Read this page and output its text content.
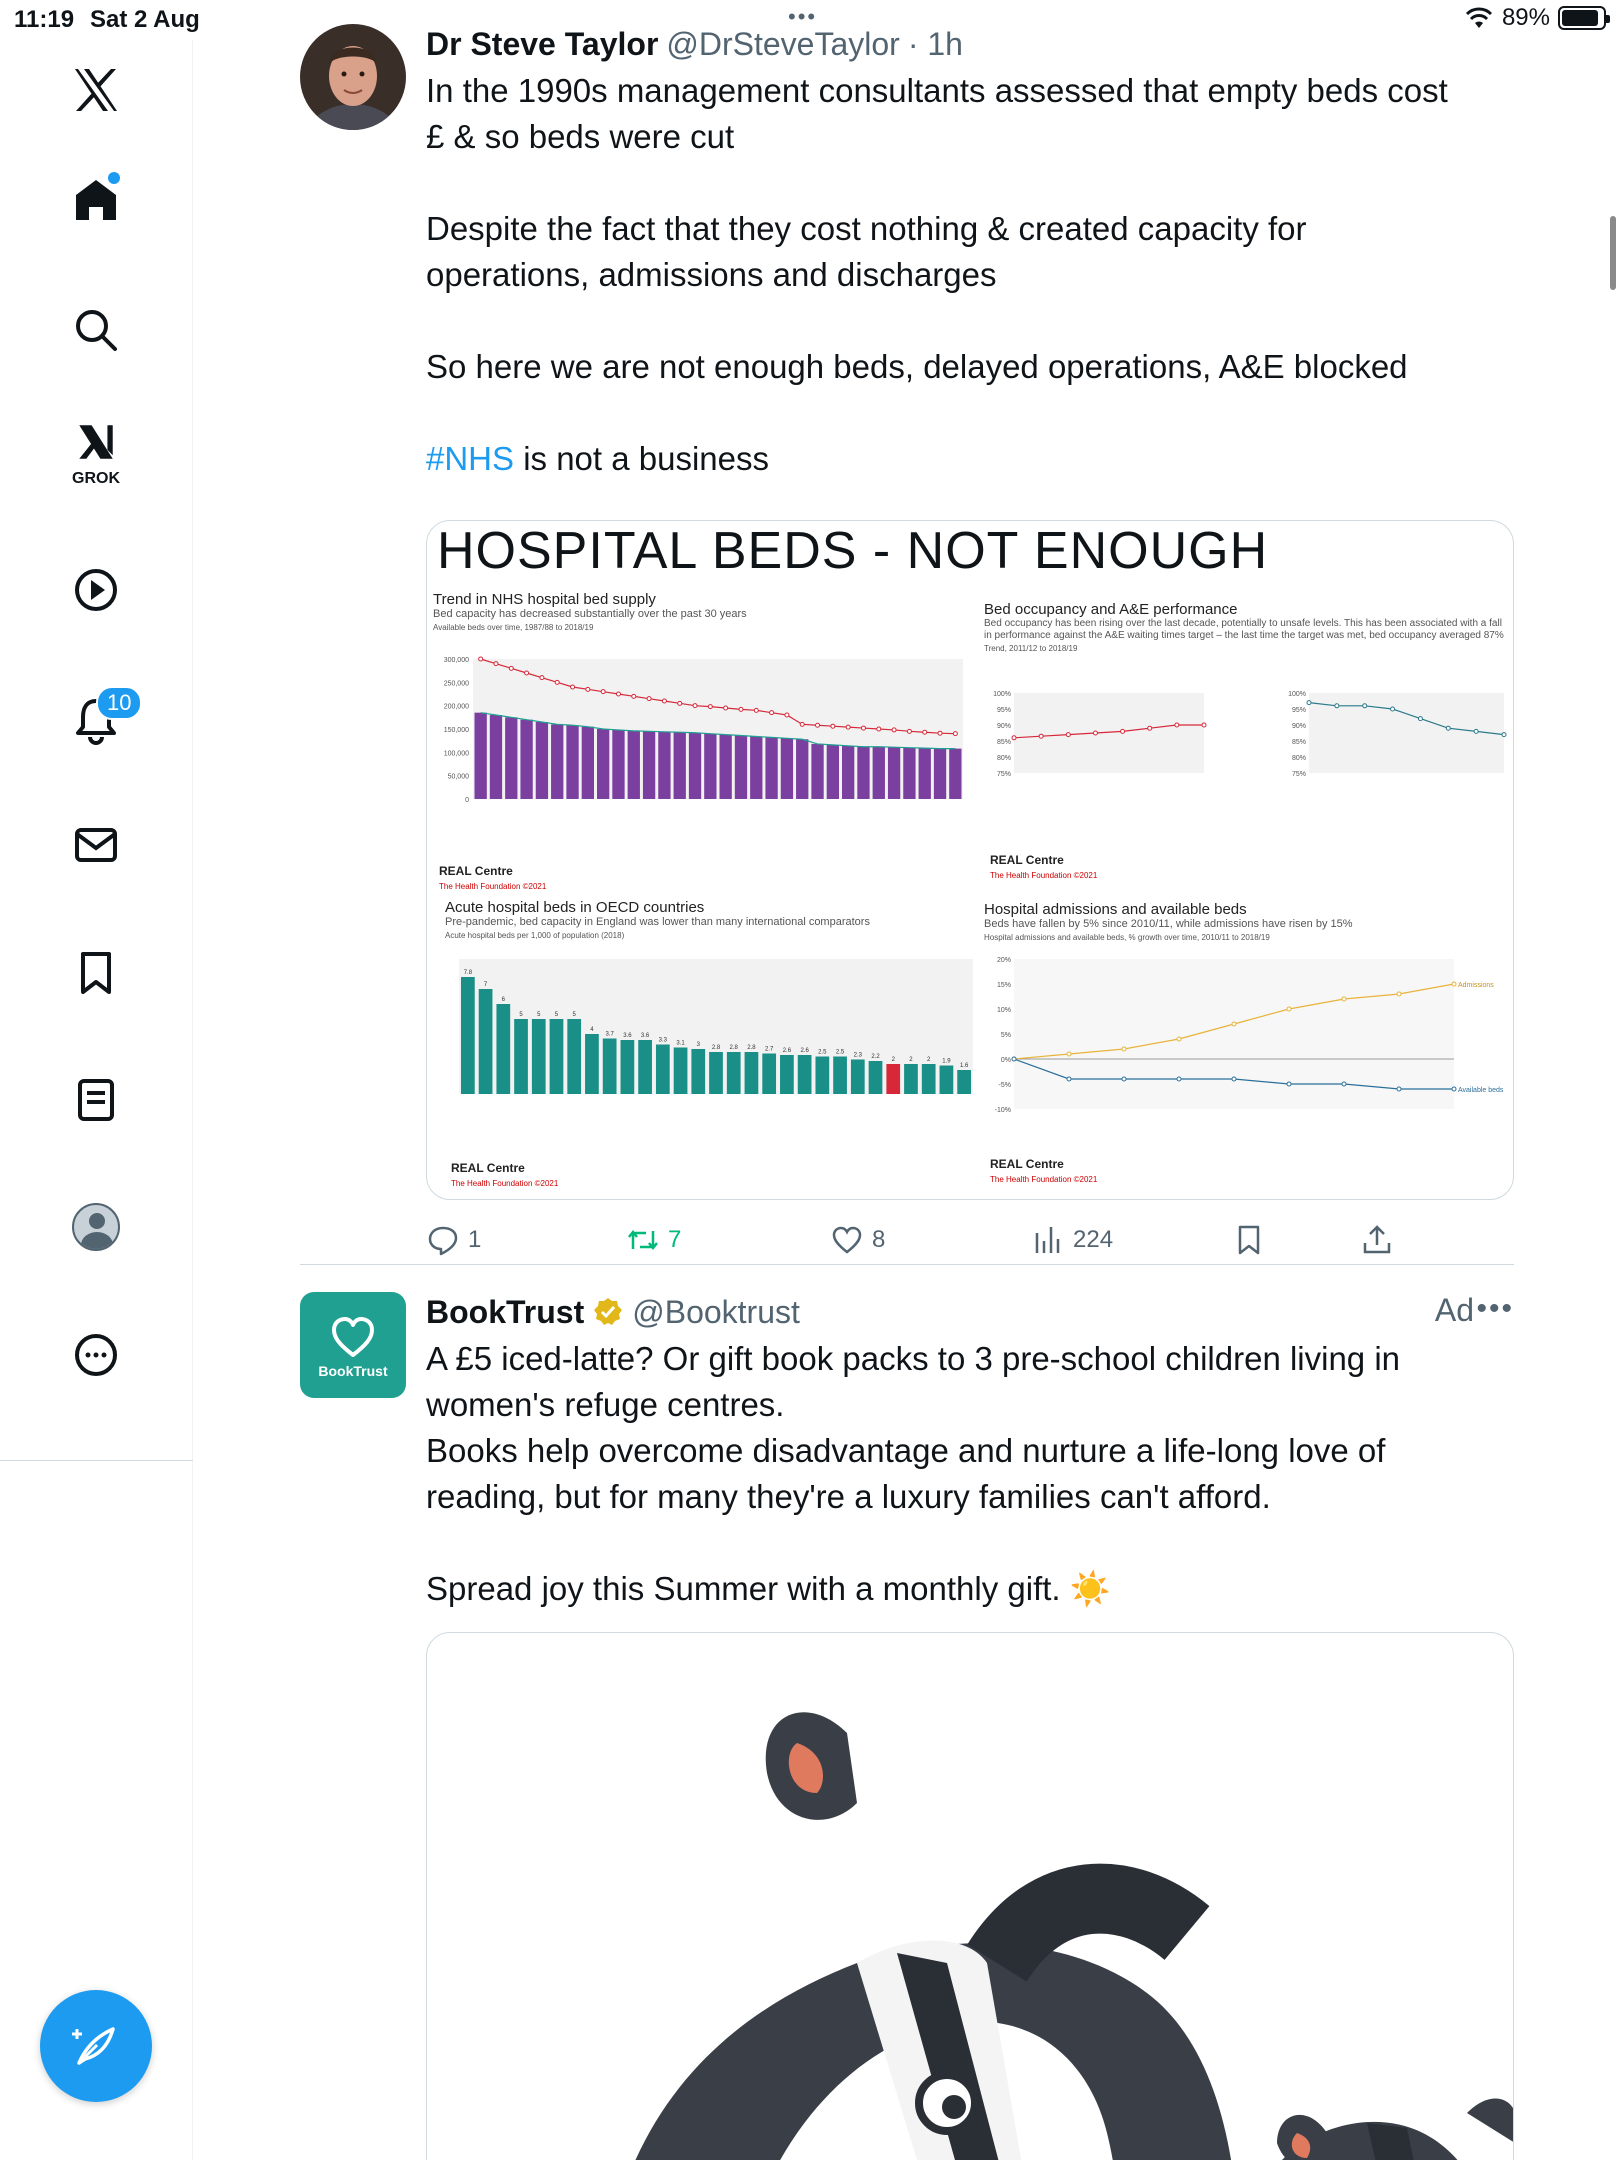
11:19 Sat 2 Aug	•••	89%
GROK
10
Dr Steve Taylor @DrSteveTaylor · 1h

In the 1990s management consultants assessed that empty beds cost

£ & so beds were cut

Despite the fact that they cost nothing & created capacity for

operations, admissions and discharges

So here we are not enough beds, delayed operations, A&E blocked

#NHS is not a business

HOSPITAL BEDS - NOT ENOUGH
Trend in NHS hospital bed supply
Bed capacity has decreased substantially over the past 30 years
Available beds over time, 1987/88 to 2018/19
300,000
250,000
200,000
150,000
100,000
50,000
0
REAL Centre
The Health Foundation ©2021
Bed occupancy and A&E performance
Bed occupancy has been rising over the last decade, potentially to unsafe levels. This has been associated with a fall in performance against the A&E waiting times target – the last time the target was met, bed occupancy averaged 87%
Trend, 2011/12 to 2018/19
100%
95%
90%
85%
80%
75%
100%
95%
90%
85%
80%
75%
REAL Centre
The Health Foundation ©2021
Acute hospital beds in OECD countries
Pre-pandemic, bed capacity in England was lower than many international comparators
Acute hospital beds per 1,000 of population (2018)
7.8
7
6
5 5 5 5
4
3.7 3.6 3.6
3.3 3.1 3 2.8 2.8 2.8 2.7 2.6 2.6 2.5 2.5 2.3 2.2 2 2 2 1.9
1.6
REAL Centre
The Health Foundation ©2021
Hospital admissions and available beds
Beds have fallen by 5% since 2010/11, while admissions have risen by 15%
Hospital admissions and available beds, % growth over time, 2010/11 to 2018/19
Admissions
Available beds
20%
15%
10%
5%
0%
-5%
-10%
REAL Centre
The Health Foundation ©2021
1	7	8	224
BookTrust
BookTrust @Booktrust	Ad •••

A £5 iced-latte? Or gift book packs to 3 pre-school children living in

women's refuge centres.

Books help overcome disadvantage and nurture a life-long love of

reading, but for many they're a luxury families can't afford.

Spread joy this Summer with a monthly gift. ☀️
